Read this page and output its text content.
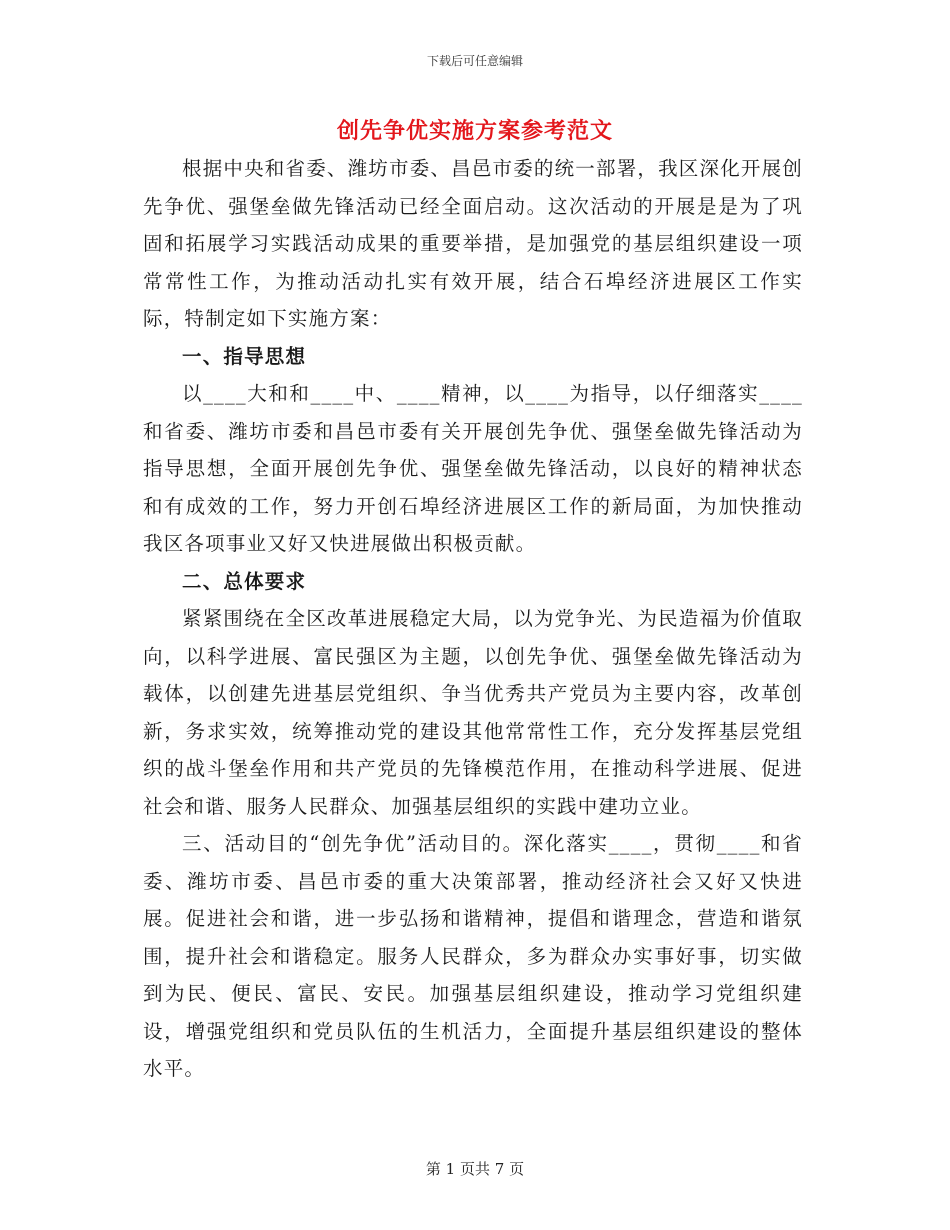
下载后可任意编辑
创先争优实施方案参考范文

根据中央和省委、潍坊市委、昌邑市委的统一部署，我区深化开展创先争优、强堡垒做先锋活动已经全面启动。这次活动的开展是是为了巩固和拓展学习实践活动成果的重要举措，是加强党的基层组织建设一项常常性工作，为推动活动扎实有效开展，结合石埠经济进展区工作实际，特制定如下实施方案：

一、指导思想

以____大和和____中、____精神，以____为指导，以仔细落实____和省委、潍坊市委和昌邑市委有关开展创先争优、强堡垒做先锋活动为指导思想，全面开展创先争优、强堡垒做先锋活动，以良好的精神状态和有成效的工作，努力开创石埠经济进展区工作的新局面，为加快推动我区各项事业又好又快进展做出积极贡献。

二、总体要求

紧紧围绕在全区改革进展稳定大局，以为党争光、为民造福为价值取向，以科学进展、富民强区为主题，以创先争优、强堡垒做先锋活动为载体，以创建先进基层党组织、争当优秀共产党员为主要内容，改革创新，务求实效，统筹推动党的建设其他常常性工作，充分发挥基层党组织的战斗堡垒作用和共产党员的先锋模范作用，在推动科学进展、促进社会和谐、服务人民群众、加强基层组织的实践中建功立业。

三、活动目的“创先争优”活动目的。深化落实____，贯彻____和省委、潍坊市委、昌邑市委的重大决策部署，推动经济社会又好又快进展。促进社会和谐，进一步弘扬和谐精神，提倡和谐理念，营造和谐氛围，提升社会和谐稳定。服务人民群众，多为群众办实事好事，切实做到为民、便民、富民、安民。加强基层组织建设，推动学习党组织建设，增强党组织和党员队伍的生机活力，全面提升基层组织建设的整体水平。

第 1 页共 7 页
